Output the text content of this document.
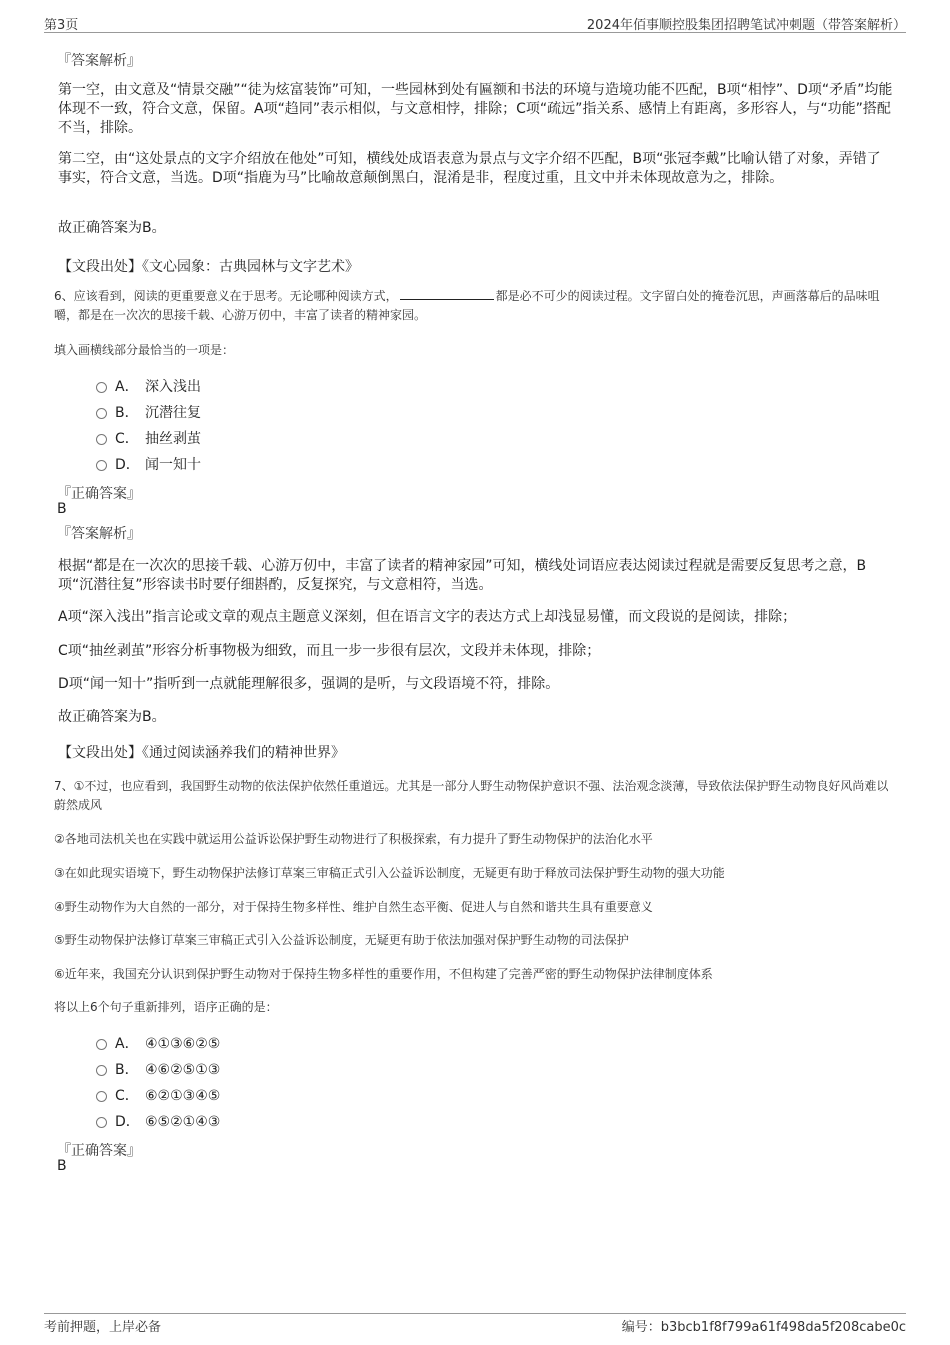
第3页	2024年佰事顺控股集团招聘笔试冲刺题（带答案解析）
『答案解析』
第一空，由文意及“情景交融”“徒为炫富装饰”可知，一些园林到处有匾额和书法的环境与造境功能不匹配，B项“相悖”、D项“矛盾”均能体现不一致，符合文意，保留。A项“趋同”表示相似，与文意相悖，排除；C项“疏远”指关系、感情上有距离，多形容人，与“功能”搭配不当，排除。
第二空，由“这处景点的文字介绍放在他处”可知，横线处成语表意为景点与文字介绍不匹配，B项“张冠李戴”比喻认错了对象，弄错了事实，符合文意，当选。D项“指鹿为马”比喻故意颠倒黑白，混淆是非，程度过重，且文中并未体现故意为之，排除。
故正确答案为B。
【文段出处】《文心园象：古典园林与文字艺术》
6、应该看到，阅读的更重要意义在于思考。无论哪种阅读方式，	都是必不可少的阅读过程。文字留白处的掩卷沉思，声画落幕后的品味咀嚼，都是在一次次的思接千载、心游万仞中，丰富了读者的精神家园。
填入画横线部分最恰当的一项是：
A． 深入浅出
B． 沉潜往复
C． 抽丝剥茧
D． 闻一知十
『正确答案』
B
『答案解析』
根据“都是在一次次的思接千载、心游万仞中，丰富了读者的精神家园”可知，横线处词语应表达阅读过程就是需要反复思考之意，B项“沉潜往复”形容读书时要仔细斟酌，反复探究，与文意相符，当选。
A项“深入浅出”指言论或文章的观点主题意义深刻，但在语言文字的表达方式上却浅显易懂，而文段说的是阅读，排除；
C项“抽丝剥茧”形容分析事物极为细致，而且一步一步很有层次，文段并未体现，排除；
D项“闻一知十”指听到一点就能理解很多，强调的是听，与文段语境不符，排除。
故正确答案为B。
【文段出处】《通过阅读涵养我们的精神世界》
7、①不过，也应看到，我国野生动物的依法保护依然任重道远。尤其是一部分人野生动物保护意识不强、法治观念淡薄，导致依法保护野生动物良好风尚难以蔚然成风
②各地司法机关也在实践中就运用公益诉讼保护野生动物进行了积极探索，有力提升了野生动物保护的法治化水平
③在如此现实语境下，野生动物保护法修订草案三审稿正式引入公益诉讼制度，无疑更有助于释放司法保护野生动物的强大功能
④野生动物作为大自然的一部分，对于保持生物多样性、维护自然生态平衡、促进人与自然和谐共生具有重要意义
⑤野生动物保护法修订草案三审稿正式引入公益诉讼制度，无疑更有助于依法加强对保护野生动物的司法保护
⑥近年来，我国充分认识到保护野生动物对于保持生物多样性的重要作用，不但构建了完善严密的野生动物保护法律制度体系
将以上6个句子重新排列，语序正确的是：
A． ④①③⑥②⑤
B． ④⑥②⑤①③
C． ⑥②①③④⑤
D． ⑥⑤②①④③
『正确答案』
B
考前押题，上岸必备	编号：b3bcb1f8f799a61f498da5f208cabe0c
